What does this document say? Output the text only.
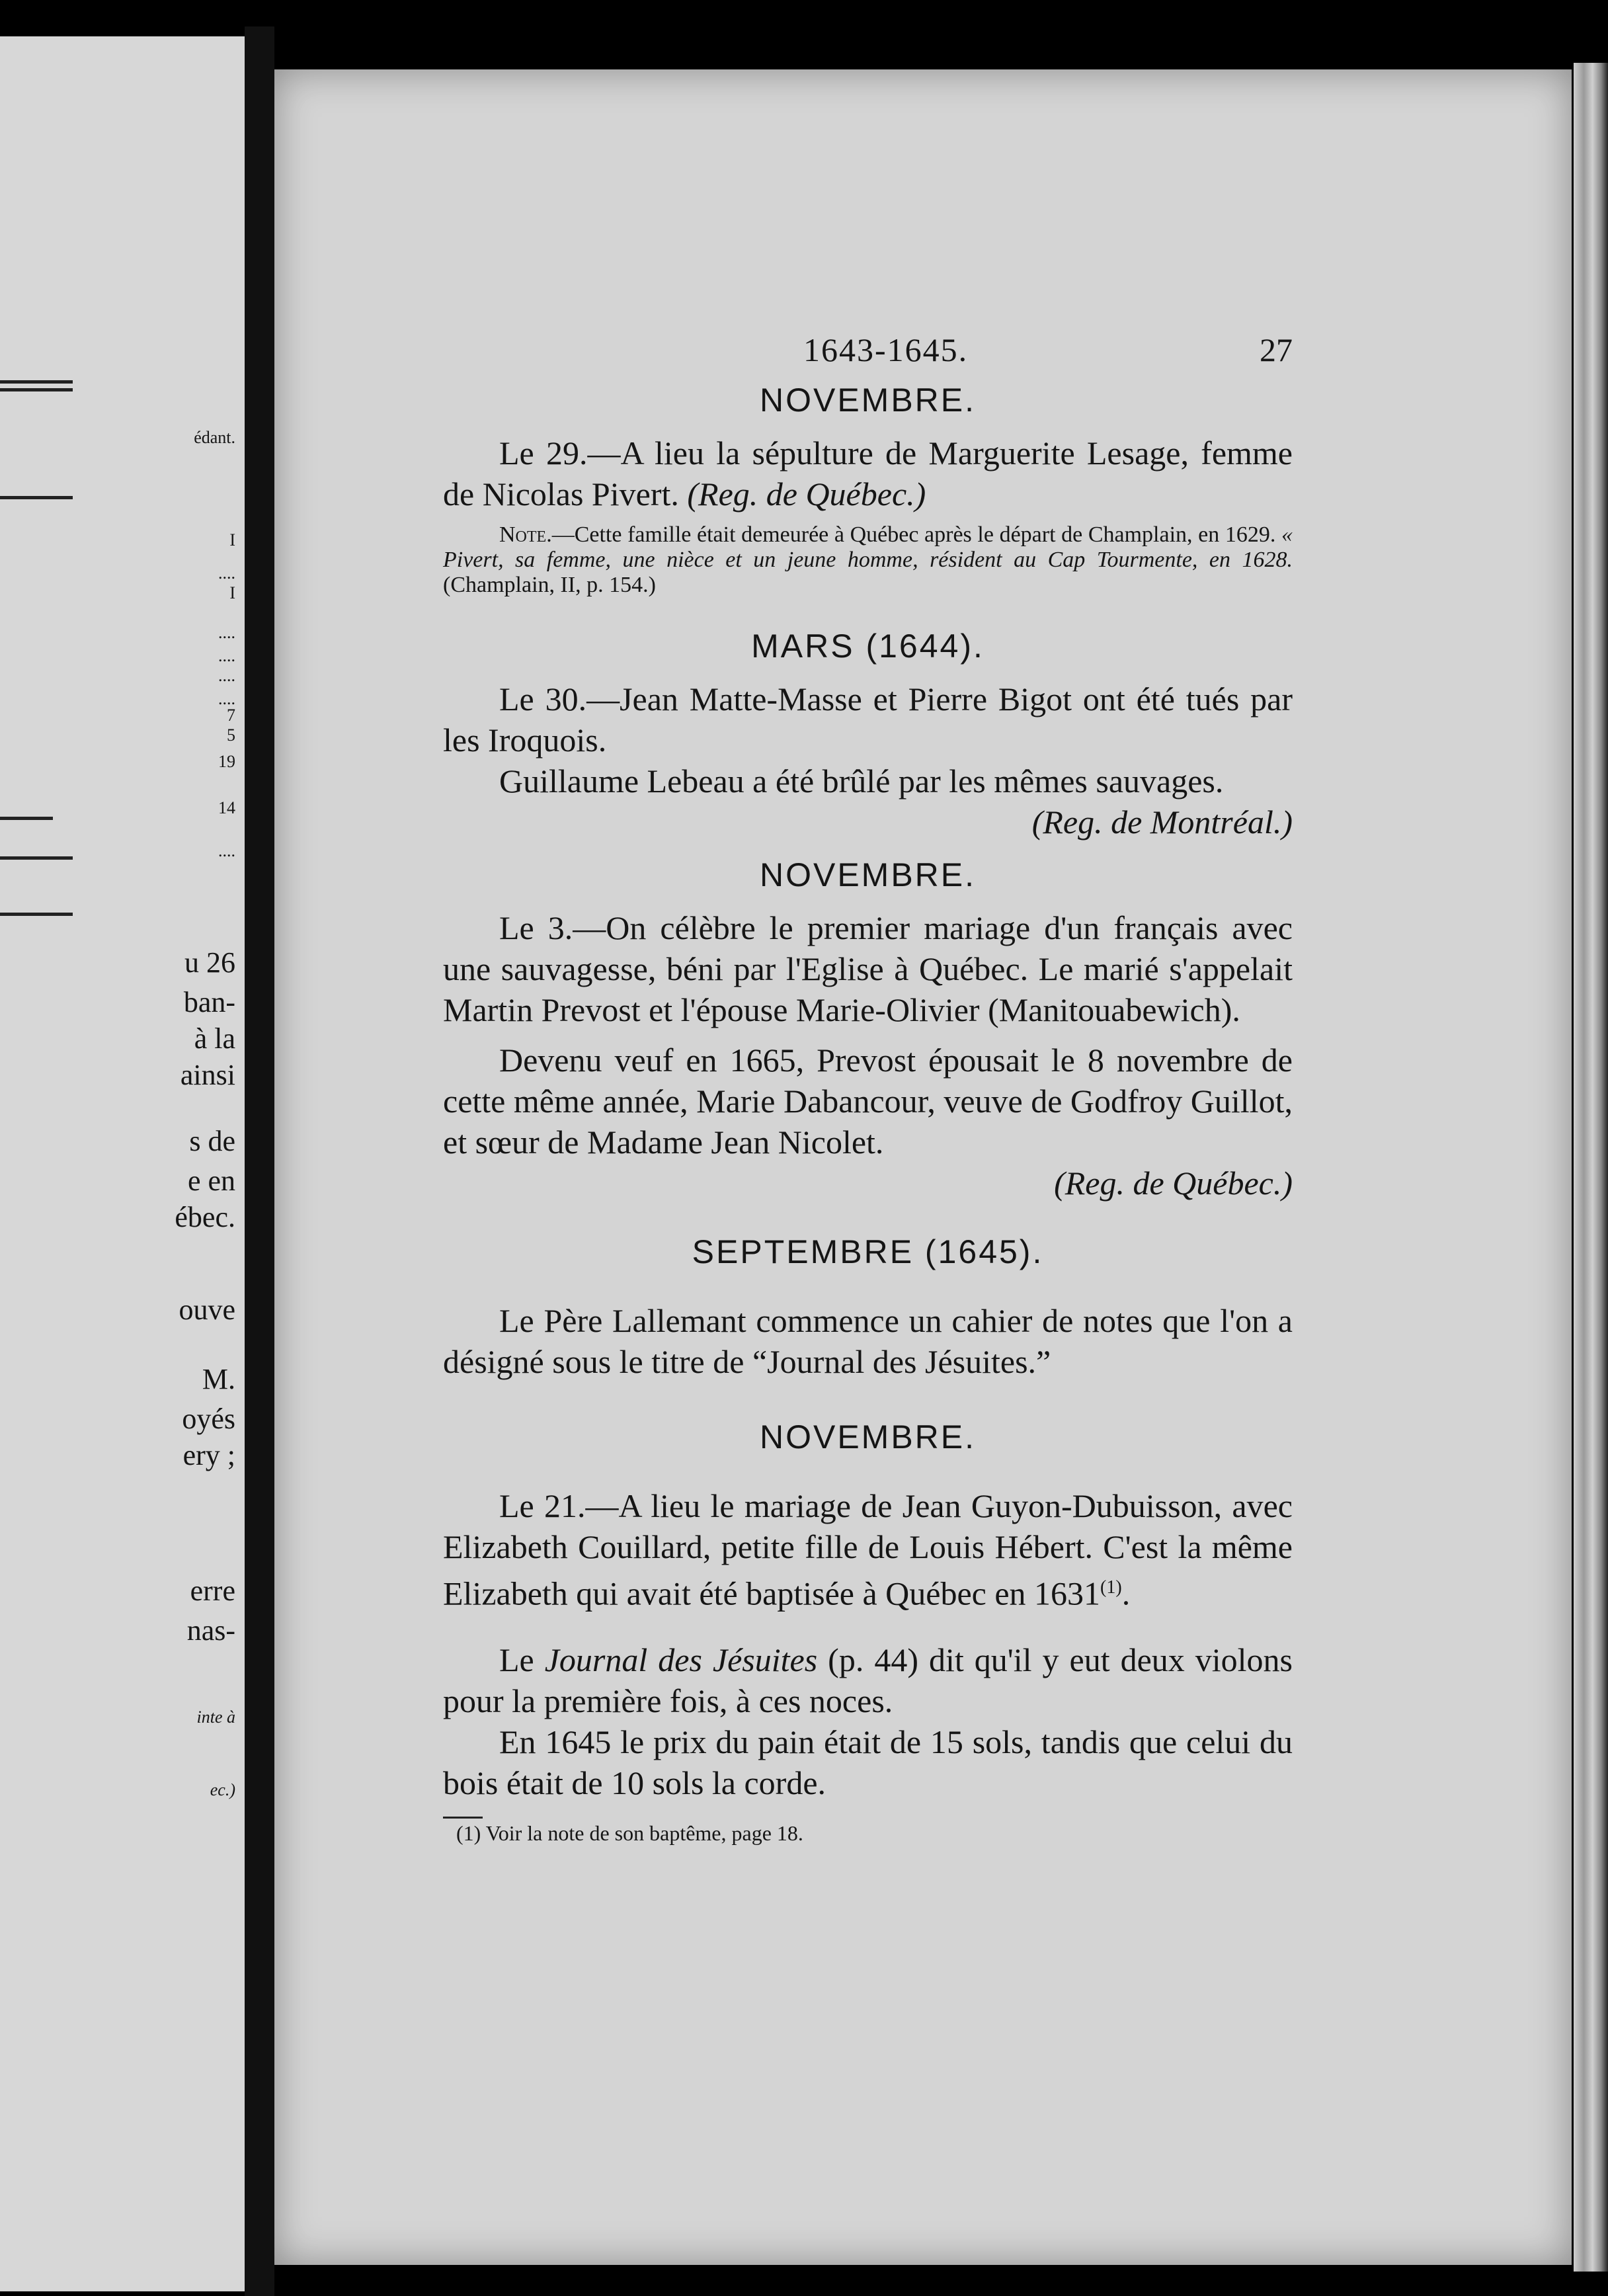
édant.
I
....
I
....
....
....
....
7
5
19
14
....
u 26
ban-
à la
ainsi
s de
e en
ébec.
ouve
M.
oyés
ery ;
erre
nas-
inte à
ec.)
1643-1645.	27
NOVEMBRE.

Le 29.—A lieu la sépulture de Marguerite Lesage, femme de Nicolas Pivert. (Reg. de Québec.)

Note.—Cette famille était demeurée à Québec après le départ de Champlain, en 1629. « Pivert, sa femme, une nièce et un jeune homme, résident au Cap Tourmente, en 1628. (Champlain, II, p. 154.)

MARS (1644).

Le 30.—Jean Matte-Masse et Pierre Bigot ont été tués par les Iroquois.

Guillaume Lebeau a été brûlé par les mêmes sauvages.

(Reg. de Montréal.)

NOVEMBRE.

Le 3.—On célèbre le premier mariage d'un français avec une sauvagesse, béni par l'Eglise à Québec. Le marié s'appelait Martin Prevost et l'épouse Marie-Olivier (Manitouabewich).

Devenu veuf en 1665, Prevost épousait le 8 novembre de cette même année, Marie Dabancour, veuve de Godfroy Guillot, et sœur de Madame Jean Nicolet.

(Reg. de Québec.)

SEPTEMBRE (1645).

Le Père Lallemant commence un cahier de notes que l'on a désigné sous le titre de “Journal des Jésuites.”

NOVEMBRE.

Le 21.—A lieu le mariage de Jean Guyon-Dubuisson, avec Elizabeth Couillard, petite fille de Louis Hébert. C'est la même Elizabeth qui avait été baptisée à Québec en 1631$^{(1)}$.

Le Journal des Jésuites (p. 44) dit qu'il y eut deux violons pour la première fois, à ces noces.

En 1645 le prix du pain était de 15 sols, tandis que celui du bois était de 10 sols la corde.

(1) Voir la note de son baptême, page 18.
